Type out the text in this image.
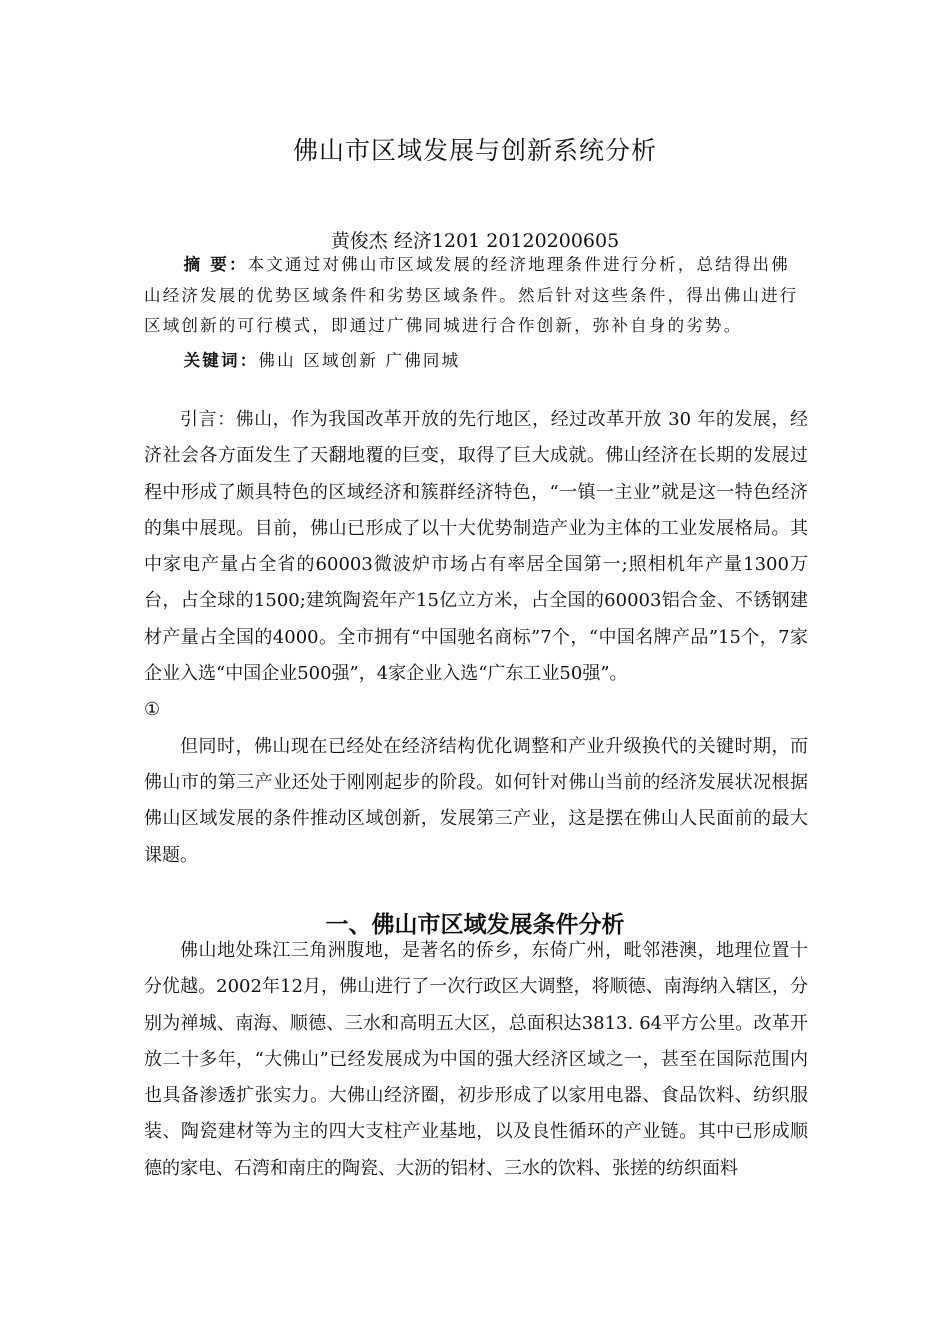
佛山市区域发展与创新系统分析
黄俊杰 经济1201 20120200605

摘 要：本文通过对佛山市区域发展的经济地理条件进行分析，总结得出佛山经济发展的优势区域条件和劣势区域条件。然后针对这些条件，得出佛山进行区域创新的可行模式，即通过广佛同城进行合作创新，弥补自身的劣势。

关键词：佛山 区域创新 广佛同城

引言：佛山，作为我国改革开放的先行地区，经过改革开放 30 年的发展，经济社会各方面发生了天翻地覆的巨变，取得了巨大成就。佛山经济在长期的发展过程中形成了颇具特色的区域经济和簇群经济特色，“一镇一主业”就是这一特色经济的集中展现。目前，佛山已形成了以十大优势制造产业为主体的工业发展格局。其中家电产量占全省的60003微波炉市场占有率居全国第一;照相机年产量1300万台，占全球的1500;建筑陶瓷年产15亿立方米，占全国的60003铝合金、不锈钢建材产量占全国的4000。全市拥有“中国驰名商标”7个，“中国名牌产品”15个，7家企业入选“中国企业500强”，4家企业入选“广东工业50强”。

①

但同时，佛山现在已经处在经济结构优化调整和产业升级换代的关键时期，而佛山市的第三产业还处于刚刚起步的阶段。如何针对佛山当前的经济发展状况根据佛山区域发展的条件推动区域创新，发展第三产业，这是摆在佛山人民面前的最大课题。

一、佛山市区域发展条件分析

佛山地处珠江三角洲腹地，是著名的侨乡，东倚广州，毗邻港澳，地理位置十分优越。2002年12月，佛山进行了一次行政区大调整，将顺德、南海纳入辖区，分别为禅城、南海、顺德、三水和高明五大区，总面积达3813. 64平方公里。改革开放二十多年，“大佛山”已经发展成为中国的强大经济区域之一，甚至在国际范围内也具备渗透扩张实力。大佛山经济圈，初步形成了以家用电器、食品饮料、纺织服装、陶瓷建材等为主的四大支柱产业基地，以及良性循环的产业链。其中已形成顺德的家电、石湾和南庄的陶瓷、大沥的铝材、三水的饮料、张搓的纺织面料
